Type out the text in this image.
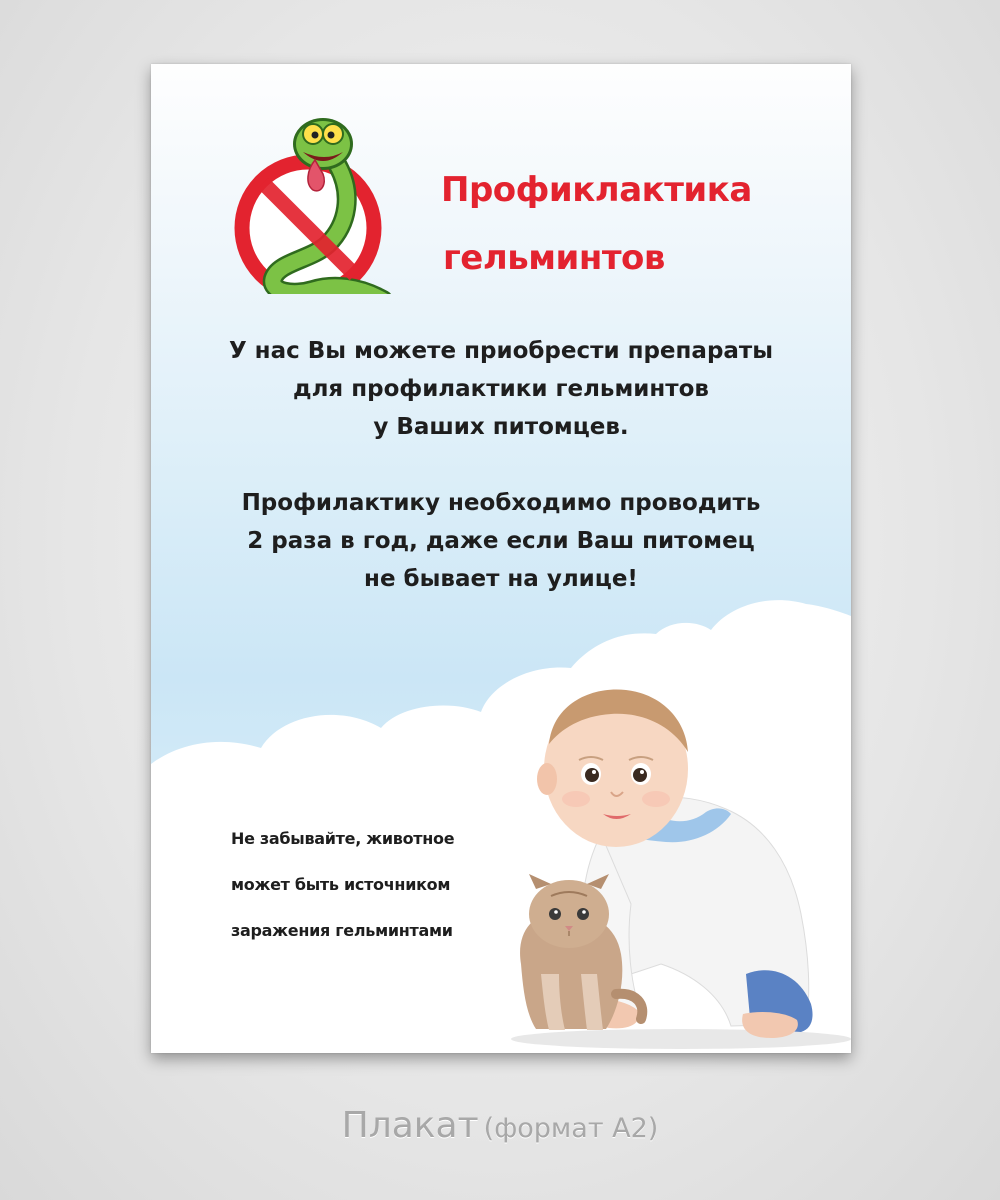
Профиклактика
гельминтов
У нас Вы можете приобрести препараты
для профилактики гельминтов
у Ваших питомцев.
Профилактику необходимо проводить
2 раза в год, даже если Ваш питомец
не бывает на улице!
Не забывайте, животное
может быть источником
заражения гельминтами
Плакат (формат А2)
